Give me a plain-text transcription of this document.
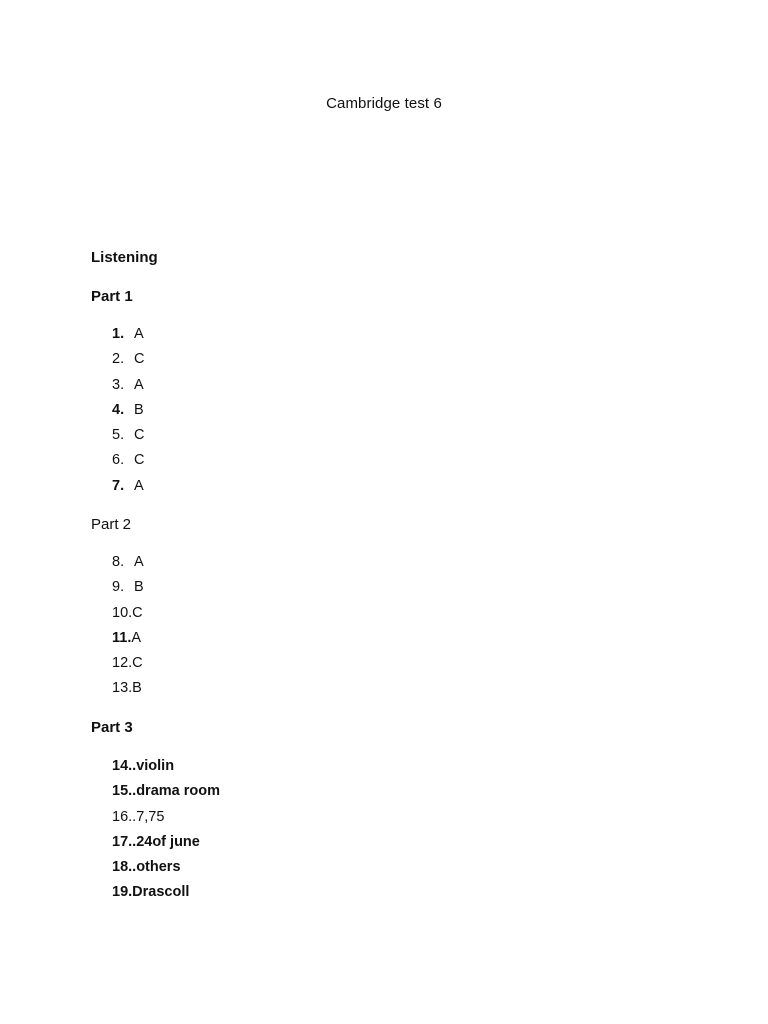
Cambridge test 6
Listening
Part 1
1. A
2. C
3. A
4. B
5. C
6. C
7. A
Part 2
8. A
9. B
10.C
11.A
12.C
13.B
Part 3
14..violin
15..drama room
16..7,75
17..24of june
18..others
19.Drascoll
